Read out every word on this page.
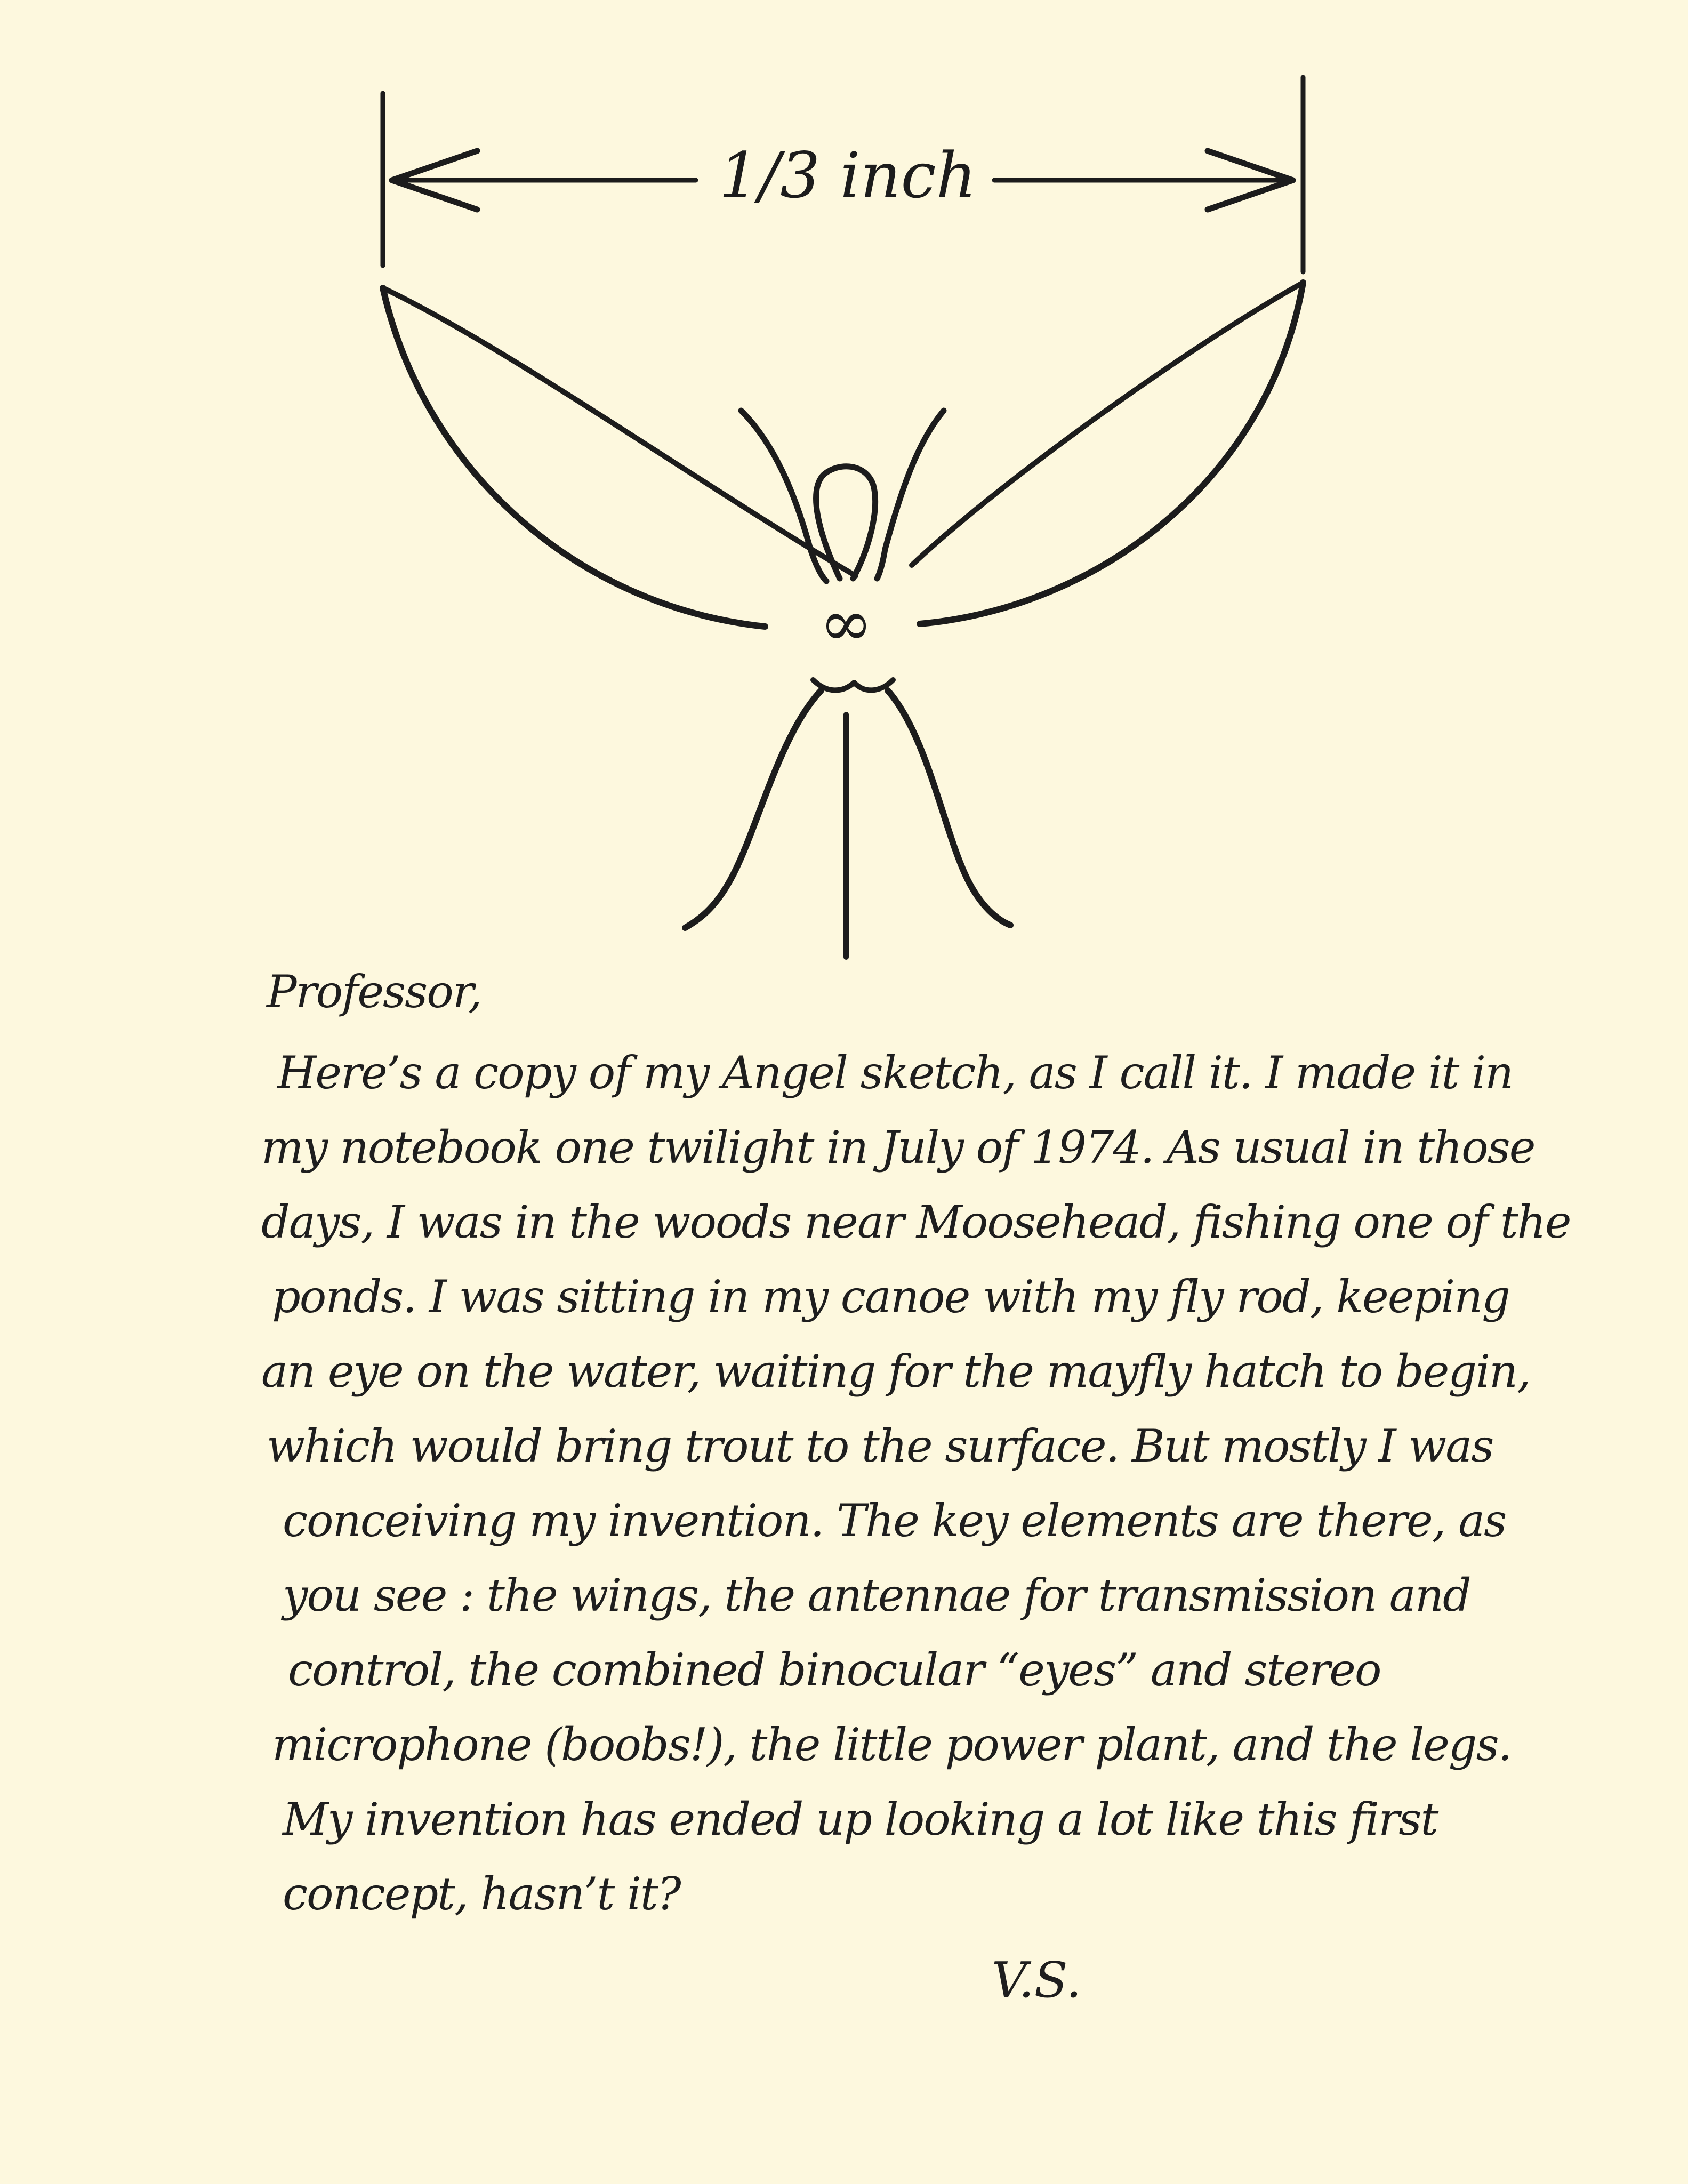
∞
1/3 inch
Professor,
Here’s a copy of my Angel sketch, as I call it. I made it in
my notebook one twilight in July of 1974. As usual in those
days, I was in the woods near Moosehead, fishing one of the
ponds. I was sitting in my canoe with my fly rod, keeping
an eye on the water, waiting for the mayfly hatch to begin,
which would bring trout to the surface. But mostly I was
conceiving my invention. The key elements are there, as
you see : the wings, the antennae for transmission and
control, the combined binocular “eyes” and stereo
microphone (boobs!), the little power plant, and the legs.
My invention has ended up looking a lot like this first
concept, hasn’t it?
V.S.
